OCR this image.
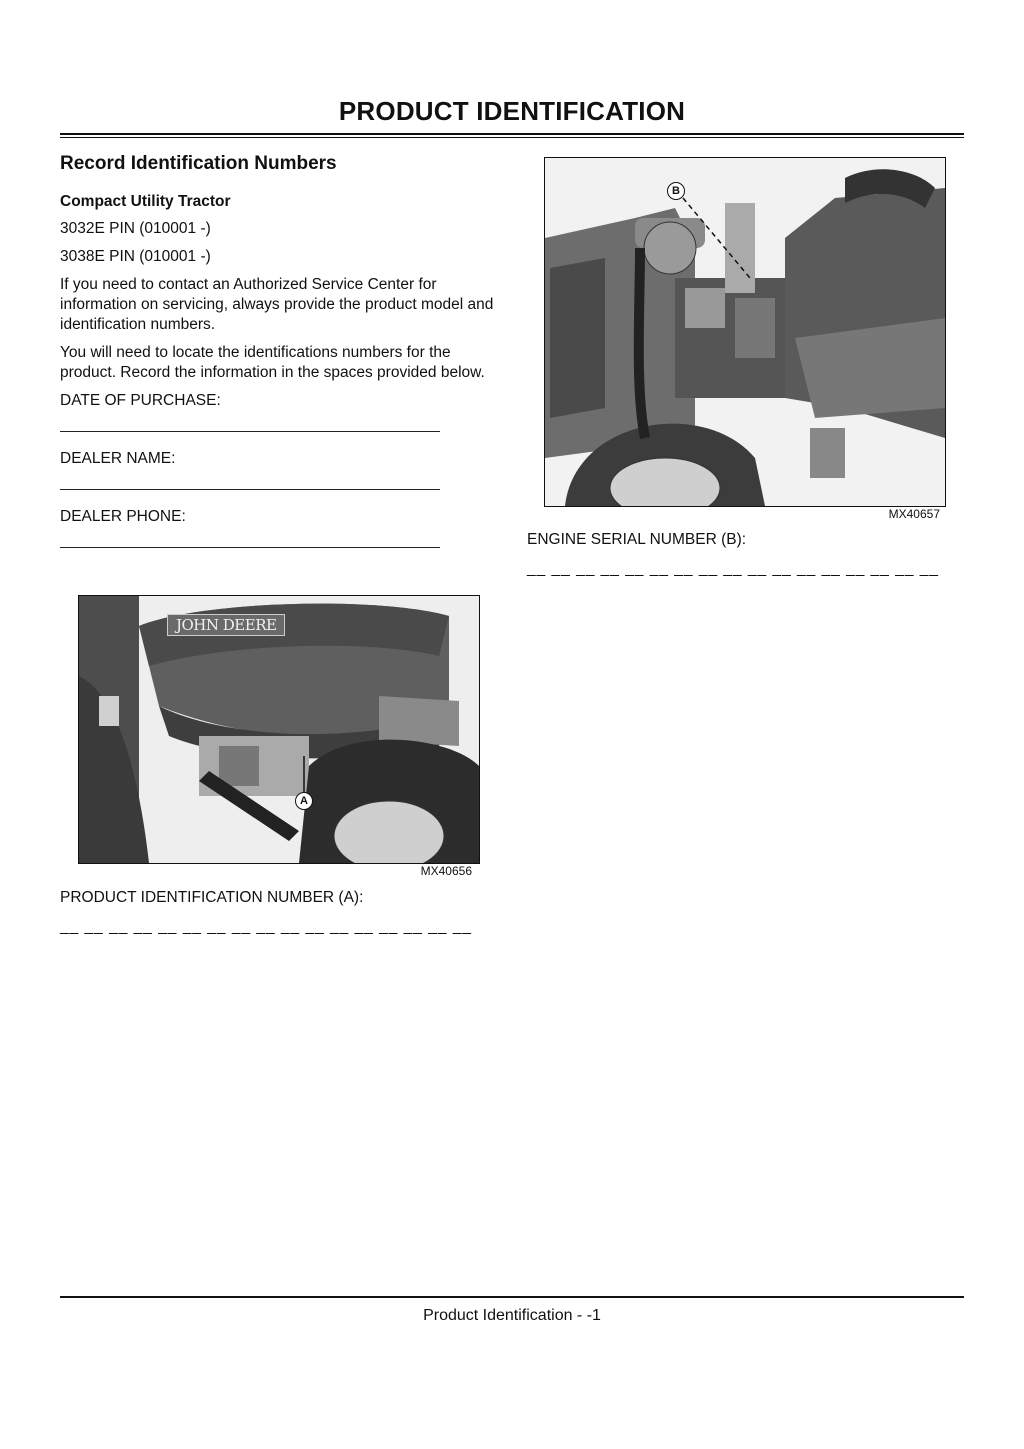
PRODUCT IDENTIFICATION
Record Identification Numbers
Compact Utility Tractor

3032E PIN (010001 -)

3038E PIN (010001 -)

If you need to contact an Authorized Service Center for information on servicing, always provide the product model and identification numbers.

You will need to locate the identifications numbers for the product. Record the information in the spaces provided below.

DATE OF PURCHASE:

DEALER NAME:

DEALER PHONE:

B
MX40657
ENGINE SERIAL NUMBER (B):
__ __ __ __ __ __ __ __ __ __ __ __ __ __ __ __ __
JOHN DEERE
A
MX40656
PRODUCT IDENTIFICATION NUMBER (A):
__ __ __ __ __ __ __ __ __ __ __ __ __ __ __ __ __
Product Identification - -1
